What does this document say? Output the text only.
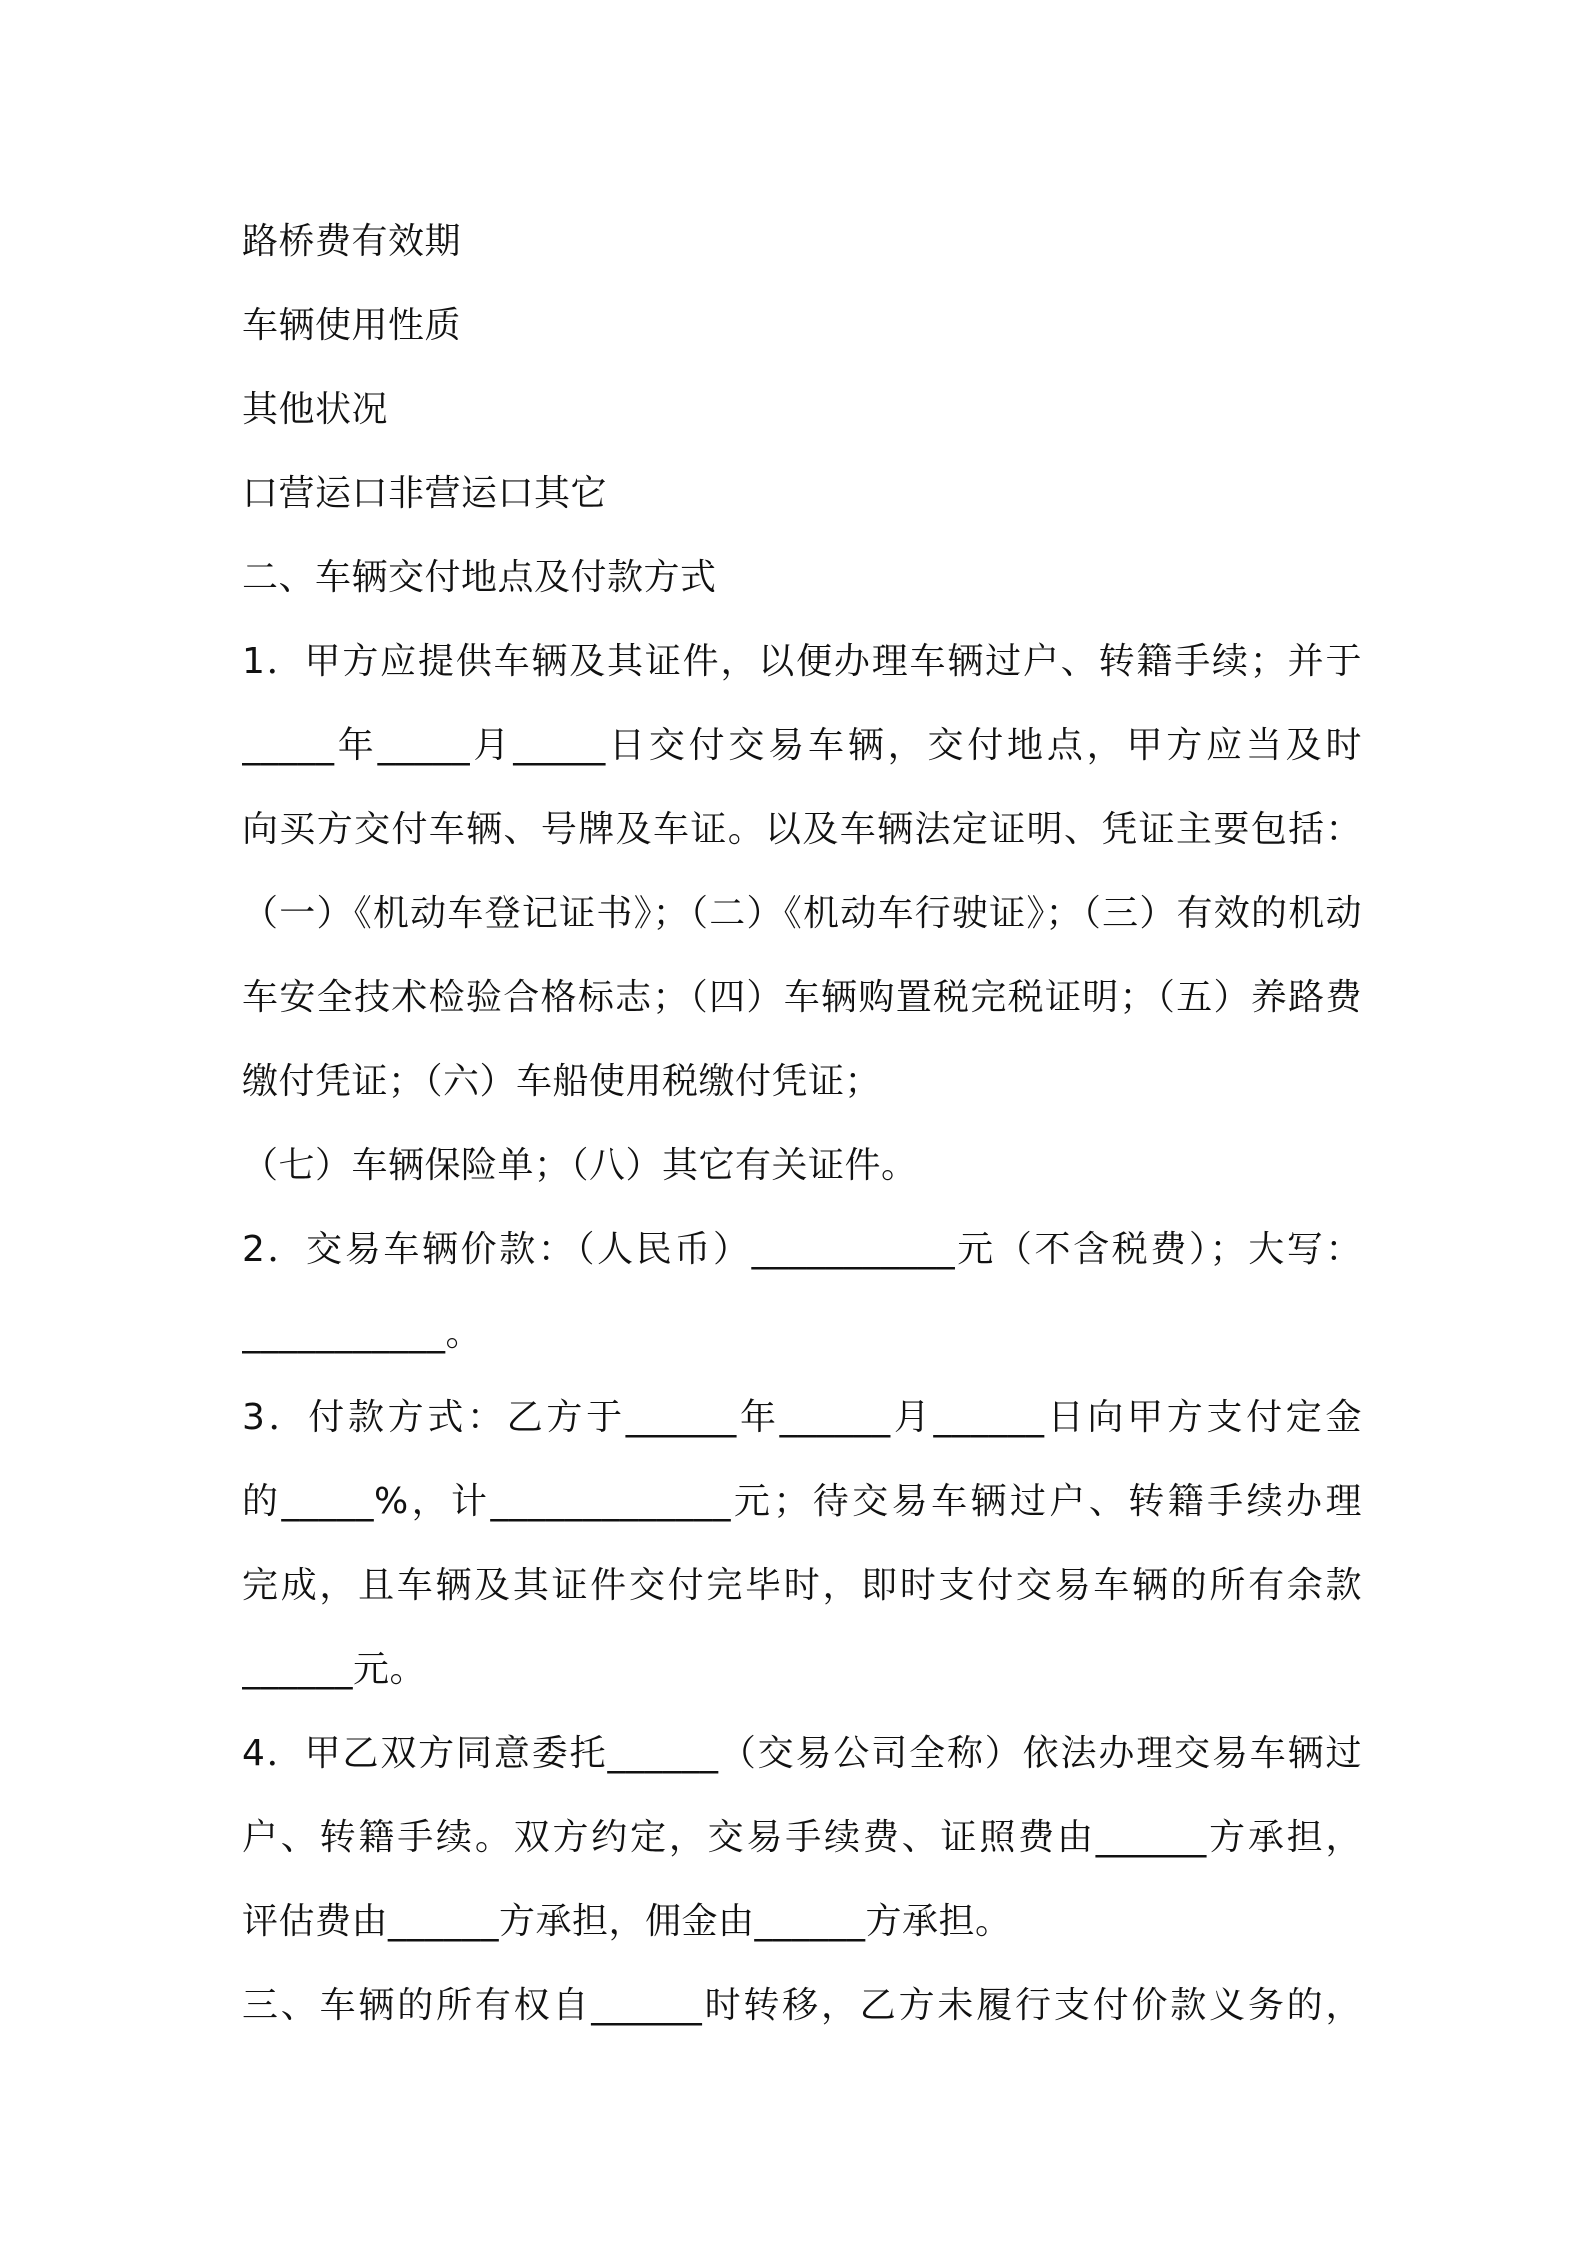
路桥费有效期
车辆使用性质
其他状况
口营运口非营运口其它
二、车辆交付地点及付款方式
1．甲方应提供车辆及其证件，以便办理车辆过户、转籍手续；并于
_____年_____月_____日交付交易车辆，交付地点，甲方应当及时
向买方交付车辆、号牌及车证。以及车辆法定证明、凭证主要包括：
（一）《机动车登记证书》；（二）《机动车行驶证》；（三）有效的机动
车安全技术检验合格标志；（四）车辆购置税完税证明；（五）养路费
缴付凭证；（六）车船使用税缴付凭证；
（七）车辆保险单；（八）其它有关证件。
2．交易车辆价款：（人民币）___________元（不含税费）；大写：
___________。
3．付款方式：乙方于______年______月______日向甲方支付定金
的_____%，计_____________元；待交易车辆过户、转籍手续办理
完成，且车辆及其证件交付完毕时，即时支付交易车辆的所有余款
______元。
4．甲乙双方同意委托______（交易公司全称）依法办理交易车辆过
户、转籍手续。双方约定，交易手续费、证照费由______方承担，
评估费由______方承担，佣金由______方承担。
三、车辆的所有权自______时转移，乙方未履行支付价款义务的，
